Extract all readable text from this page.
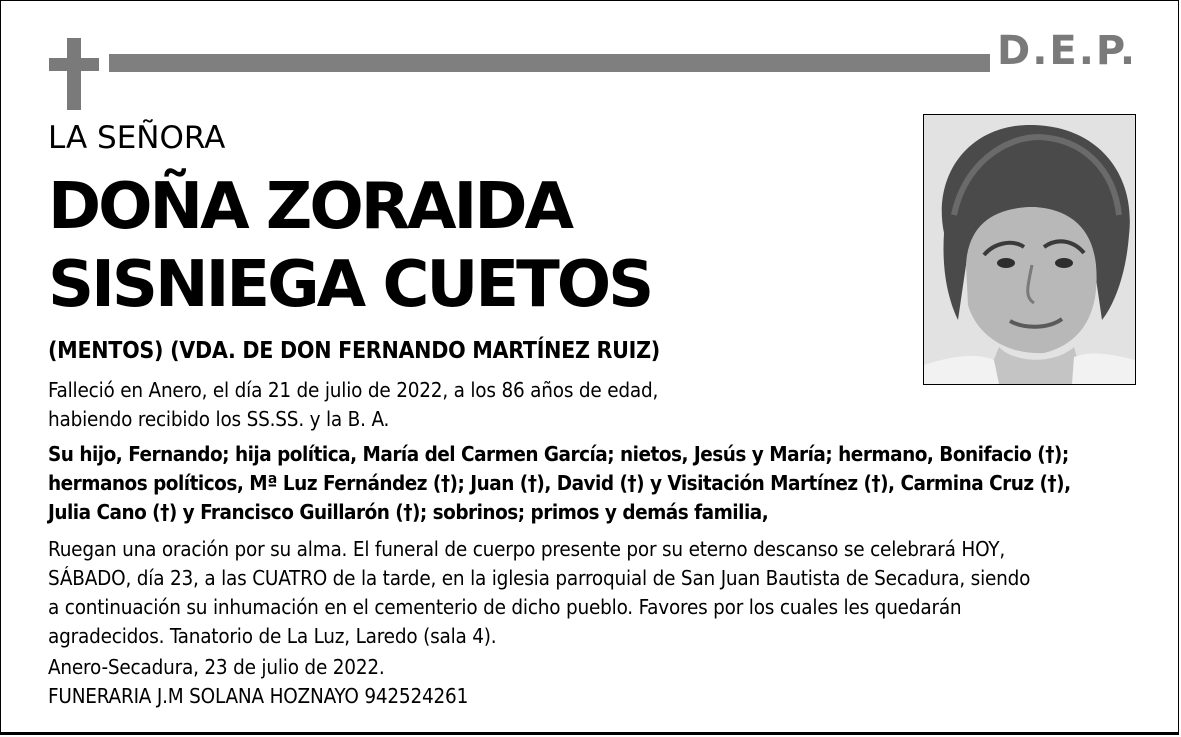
D.E.P.
LA SEÑORA
DOÑA ZORAIDA
SISNIEGA CUETOS
(MENTOS) (VDA. DE DON FERNANDO MARTÍNEZ RUIZ)

Falleció en Anero, el día 21 de julio de 2022, a los 86 años de edad,

habiendo recibido los SS.SS. y la B. A.

Su hijo, Fernando; hija política, María del Carmen García; nietos, Jesús y María; hermano, Bonifacio (†);

hermanos políticos, Mª Luz Fernández (†); Juan (†), David (†) y Visitación Martínez (†), Carmina Cruz (†),

Julia Cano (†) y Francisco Guillarón (†); sobrinos; primos y demás familia,

Ruegan una oración por su alma. El funeral de cuerpo presente por su eterno descanso se celebrará HOY,

SÁBADO, día 23, a las CUATRO de la tarde, en la iglesia parroquial de San Juan Bautista de Secadura, siendo

a continuación su inhumación en el cementerio de dicho pueblo. Favores por los cuales les quedarán

agradecidos. Tanatorio de La Luz, Laredo (sala 4).

Anero-Secadura, 23 de julio de 2022.

FUNERARIA J.M SOLANA HOZNAYO 942524261
